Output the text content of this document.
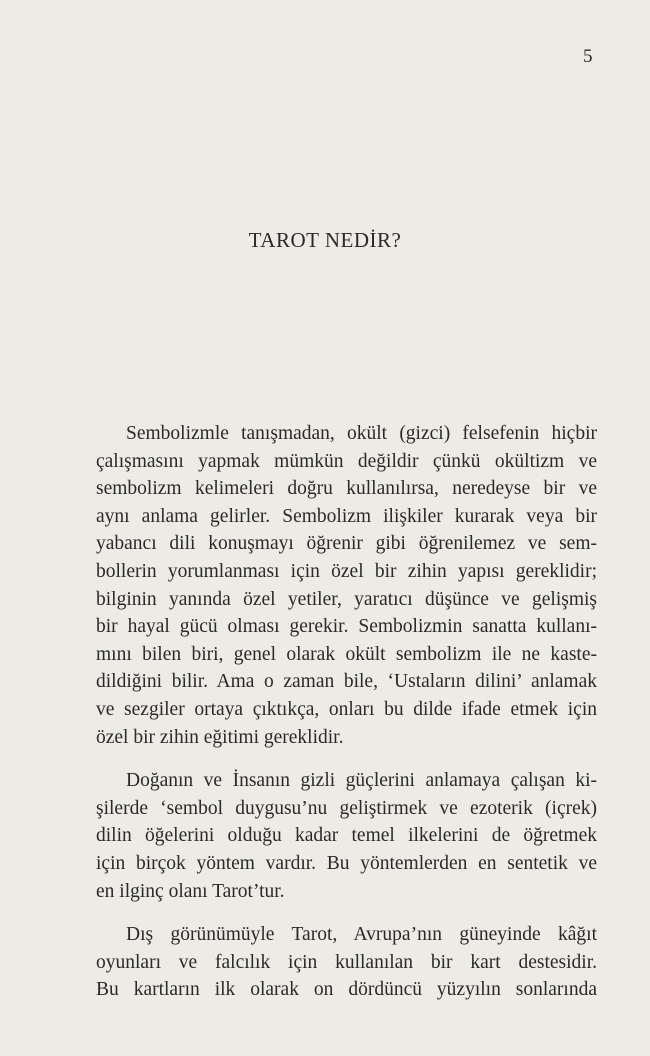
5
TAROT NEDİR?
Sembolizmle tanışmadan, okült (gizci) felsefenin hiçbir
çalışmasını yapmak mümkün değildir çünkü okültizm ve
sembolizm kelimeleri doğru kullanılırsa, neredeyse bir ve
aynı anlama gelirler. Sembolizm ilişkiler kurarak veya bir
yabancı dili konuşmayı öğrenir gibi öğrenilemez ve sem-
bollerin yorumlanması için özel bir zihin yapısı gereklidir;
bilginin yanında özel yetiler, yaratıcı düşünce ve gelişmiş
bir hayal gücü olması gerekir. Sembolizmin sanatta kullanı-
mını bilen biri, genel olarak okült sembolizm ile ne kaste-
dildiğini bilir. Ama o zaman bile, ‘Ustaların dilini’ anlamak
ve sezgiler ortaya çıktıkça, onları bu dilde ifade etmek için
özel bir zihin eğitimi gereklidir.
Doğanın ve İnsanın gizli güçlerini anlamaya çalışan ki-
şilerde ‘sembol duygusu’nu geliştirmek ve ezoterik (içrek)
dilin öğelerini olduğu kadar temel ilkelerini de öğretmek
için birçok yöntem vardır. Bu yöntemlerden en sentetik ve
en ilginç olanı Tarot’tur.
Dış görünümüyle Tarot, Avrupa’nın güneyinde kâğıt
oyunları ve falcılık için kullanılan bir kart destesidir.
Bu kartların ilk olarak on dördüncü yüzyılın sonlarında
